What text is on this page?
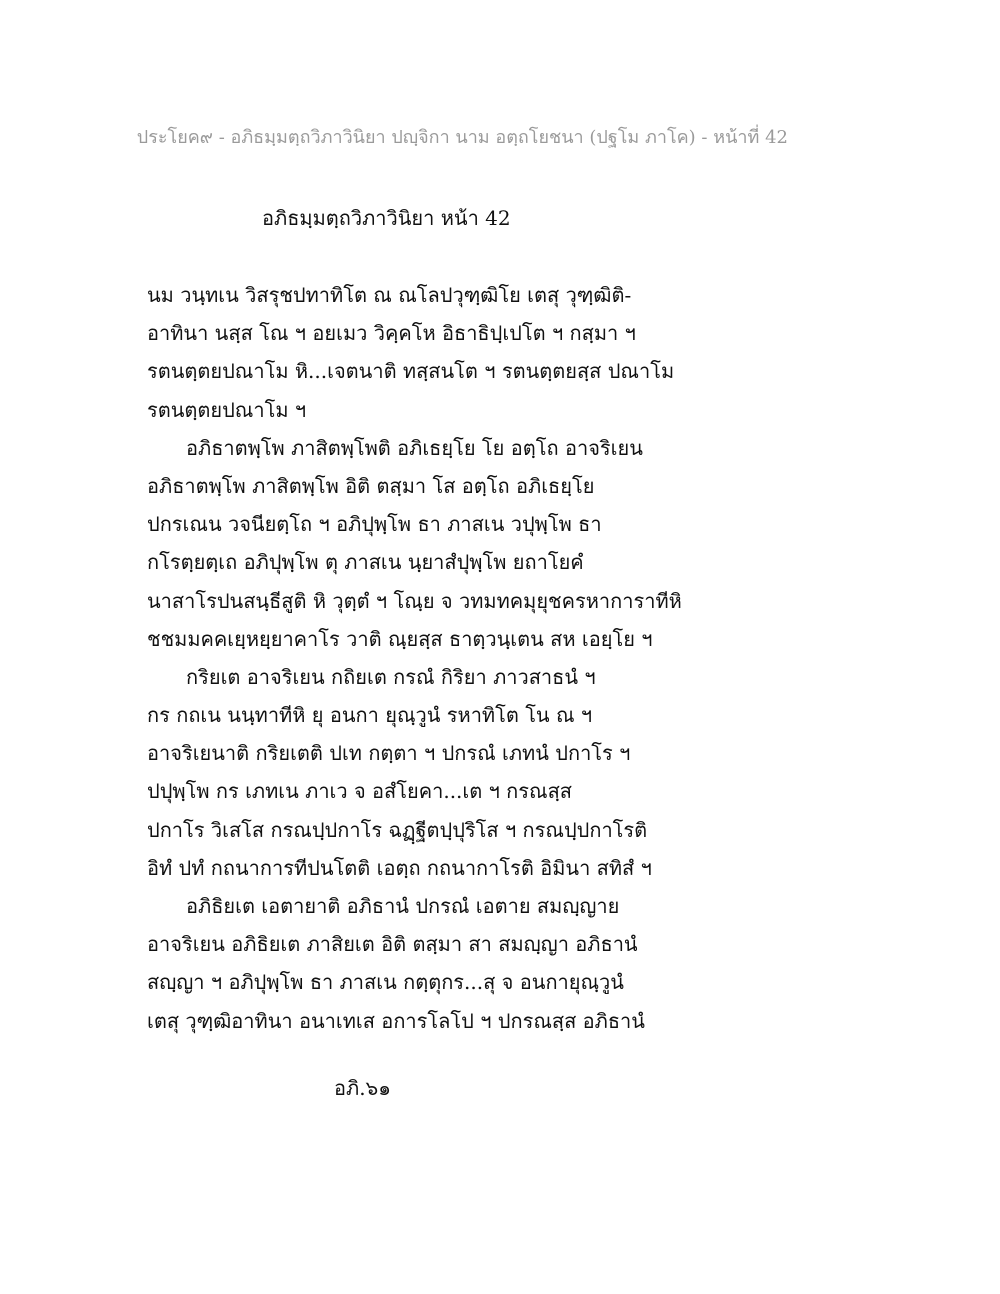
ประโยค๙ - อภิธมฺมตฺถวิภาวินิยา ปญฺจิกา นาม อตฺถโยชนา (ปฐโม ภาโค) - หน้าที่ 42
อภิธมฺมตฺถวิภาวินิยา หน้า 42
นม วนฺทเน วิสรุชปทาทิโต ณ ณโลปวุฑฺฒิโย เตสุ วุฑฺฒิติ-
อาทินา นสฺส โณ ฯ อยเมว วิคฺคโห อิธาธิปฺเปโต ฯ กสฺมา ฯ
รตนตฺตยปณาโม หิ...เจตนาติ ทสฺสนโต ฯ รตนตฺตยสฺส ปณาโม
รตนตฺตยปณาโม ฯ
อภิธาตพฺโพ ภาสิตพฺโพติ อภิเธยฺโย โย อตฺโถ อาจริเยน
อภิธาตพฺโพ ภาสิตพฺโพ อิติ ตสฺมา โส อตฺโถ อภิเธยฺโย
ปกรเณน วจนียตฺโถ ฯ อภิปุพฺโพ ธา ภาสเน วปุพฺโพ ธา
กโรตฺยตฺเถ อภิปุพฺโพ ตุ ภาสเน นฺยาสํปุพฺโพ ยถาโยคํ
นาสาโรปนสนฺธีสูติ หิ วุตฺตํ ฯ โณฺย จ วทมทคมุยุชครหาการาทีหิ
ชชมมคคเยฺหยฺยาคาโร วาติ ณฺยสฺส ธาตฺวนฺเตน สห เอยฺโย ฯ
กริยเต อาจริเยน กถิยเต กรณํ กิริยา ภาวสาธนํ ฯ
กร กถเน นนฺทาทีหิ ยุ อนกา ยุณฺวูนํ รหาทิโต โน ณ ฯ
อาจริเยนาติ กริยเตติ ปเท กตฺตา ฯ ปกรณํ เภทนํ ปกาโร ฯ
ปปุพฺโพ กร เภทเน ภาเว จ อสํโยคา...เต ฯ กรณสฺส
ปกาโร วิเสโส กรณปฺปกาโร ฉฏฺฐีตปฺปุริโส ฯ กรณปฺปกาโรติ
อิทํ ปทํ กถนาการทีปนโตติ เอตฺถ กถนากาโรติ อิมินา สทิสํ ฯ
อภิธิยเต เอตายาติ อภิธานํ ปกรณํ เอตาย สมญฺญาย
อาจริเยน อภิธิยเต ภาสิยเต อิติ ตสฺมา สา สมญฺญา อภิธานํ
สญฺญา ฯ อภิปุพฺโพ ธา ภาสเน กตฺตุกร...สุ จ อนกายุณฺวูนํ
เตสุ วุฑฺฒิอาทินา อนาเทเส อการโลโป ฯ ปกรณสฺส อภิธานํ
อภิ.๖๑
